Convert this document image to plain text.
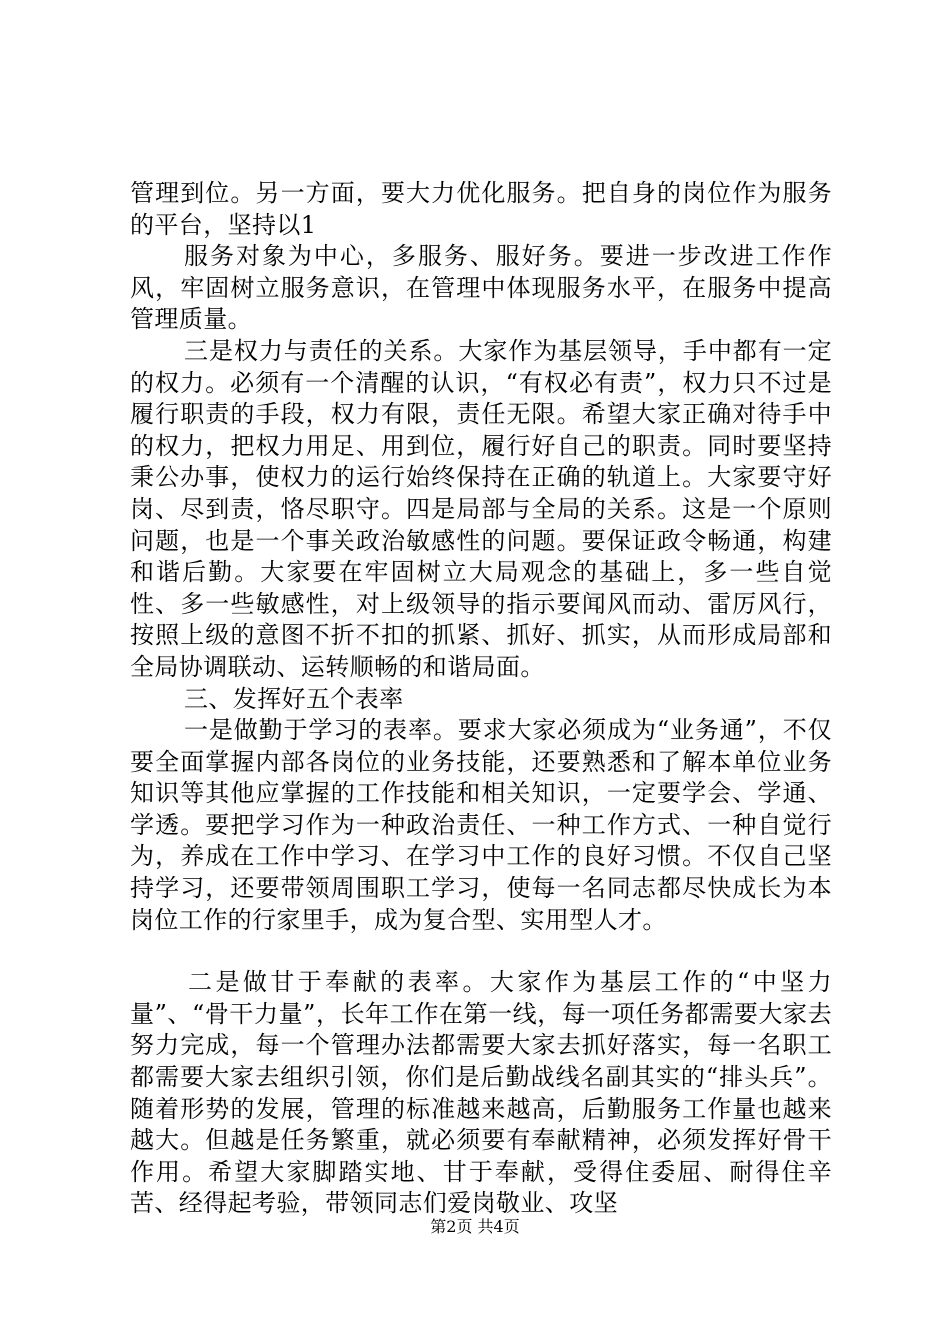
管理到位。另一方面，要大力优化服务。把自身的岗位作为服务的平台，坚持以1

服务对象为中心，多服务、服好务。要进一步改进工作作风，牢固树立服务意识，在管理中体现服务水平，在服务中提高管理质量。

三是权力与责任的关系。大家作为基层领导，手中都有一定的权力。必须有一个清醒的认识，“有权必有责”，权力只不过是履行职责的手段，权力有限，责任无限。希望大家正确对待手中的权力，把权力用足、用到位，履行好自己的职责。同时要坚持秉公办事，使权力的运行始终保持在正确的轨道上。大家要守好岗、尽到责，恪尽职守。四是局部与全局的关系。这是一个原则问题，也是一个事关政治敏感性的问题。要保证政令畅通，构建和谐后勤。大家要在牢固树立大局观念的基础上，多一些自觉性、多一些敏感性，对上级领导的指示要闻风而动、雷厉风行，按照上级的意图不折不扣的抓紧、抓好、抓实，从而形成局部和全局协调联动、运转顺畅的和谐局面。

三、发挥好五个表率

一是做勤于学习的表率。要求大家必须成为“业务通”，不仅要全面掌握内部各岗位的业务技能，还要熟悉和了解本单位业务知识等其他应掌握的工作技能和相关知识，一定要学会、学通、学透。要把学习作为一种政治责任、一种工作方式、一种自觉行为，养成在工作中学习、在学习中工作的良好习惯。不仅自己坚持学习，还要带领周围职工学习，使每一名同志都尽快成长为本岗位工作的行家里手，成为复合型、实用型人才。

二是做甘于奉献的表率。大家作为基层工作的“中坚力量”、“骨干力量”，长年工作在第一线，每一项任务都需要大家去努力完成，每一个管理办法都需要大家去抓好落实，每一名职工都需要大家去组织引领，你们是后勤战线名副其实的“排头兵”。随着形势的发展，管理的标准越来越高，后勤服务工作量也越来越大。但越是任务繁重，就必须要有奉献精神，必须发挥好骨干作用。希望大家脚踏实地、甘于奉献，受得住委屈、耐得住辛苦、经得起考验，带领同志们爱岗敬业、攻坚

第2页 共4页
